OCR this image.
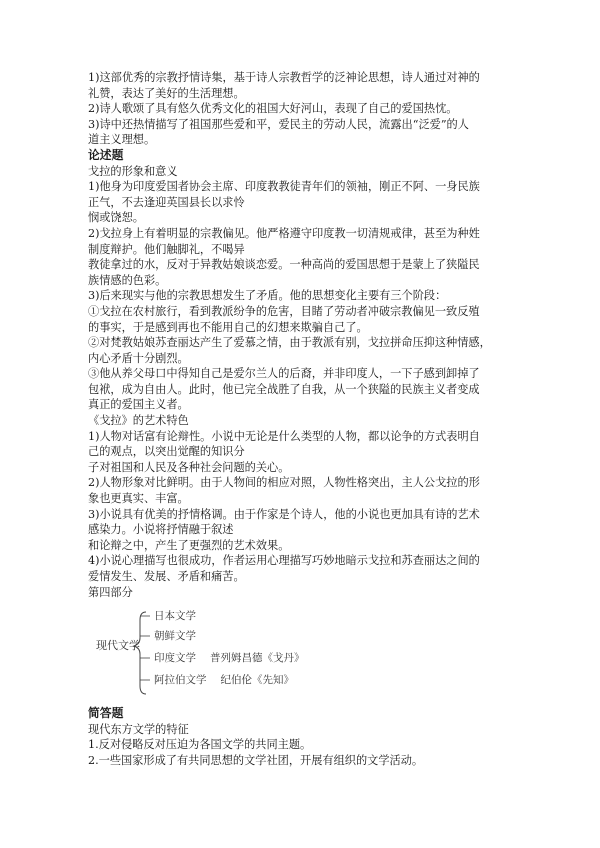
1)这部优秀的宗教抒情诗集，基于诗人宗教哲学的泛神论思想，诗人通过对神的
礼赞，表达了美好的生活理想。
2)诗人歌颂了具有悠久优秀文化的祖国大好河山，表现了自己的爱国热忱。
3)诗中还热情描写了祖国那些爱和平，爱民主的劳动人民，流露出“泛爱”的人
道主义理想。
论述题
戈拉的形象和意义
1)他身为印度爱国者协会主席、印度教教徒青年们的领袖，刚正不阿、一身民族
正气，不去逢迎英国县长以求怜
悯或饶恕。
2)戈拉身上有着明显的宗教偏见。他严格遵守印度教一切清规戒律，甚至为种姓
制度辩护。他们触脚礼，不喝异
教徒拿过的水，反对于异教姑娘谈恋爱。一种高尚的爱国思想于是蒙上了狭隘民
族情感的色彩。
3)后来现实与他的宗教思想发生了矛盾。他的思想变化主要有三个阶段：
①戈拉在农村旅行，看到教派纷争的危害，目睹了劳动者冲破宗教偏见一致反殖
的事实，于是感到再也不能用自己的幻想来欺骗自己了。
②对梵教姑娘苏查丽达产生了爱慕之情，由于教派有别，戈拉拼命压抑这种情感，
内心矛盾十分剧烈。
③他从养父母口中得知自己是爱尔兰人的后裔，并非印度人，一下子感到卸掉了
包袱，成为自由人。此时，他已完全战胜了自我，从一个狭隘的民族主义者变成
真正的爱国主义者。
《戈拉》的艺术特色
1)人物对话富有论辩性。小说中无论是什么类型的人物，都以论争的方式表明自
己的观点，以突出觉醒的知识分
子对祖国和人民及各种社会问题的关心。
2)人物形象对比鲜明。由于人物间的相应对照，人物性格突出，主人公戈拉的形
象也更真实、丰富。
3)小说具有优美的抒情格调。由于作家是个诗人，他的小说也更加具有诗的艺术
感染力。小说将抒情融于叙述
和论辩之中，产生了更强烈的艺术效果。
4)小说心理描写也很成功，作者运用心理描写巧妙地暗示戈拉和苏查丽达之间的
爱情发生、发展、矛盾和痛苦。
第四部分
现代文学
日本文学
朝鲜文学
印度文学 普列姆昌德《戈丹》
阿拉伯文学 纪伯伦《先知》
简答题
现代东方文学的特征
1.反对侵略反对压迫为各国文学的共同主题。
2.一些国家形成了有共同思想的文学社团，开展有组织的文学活动。
